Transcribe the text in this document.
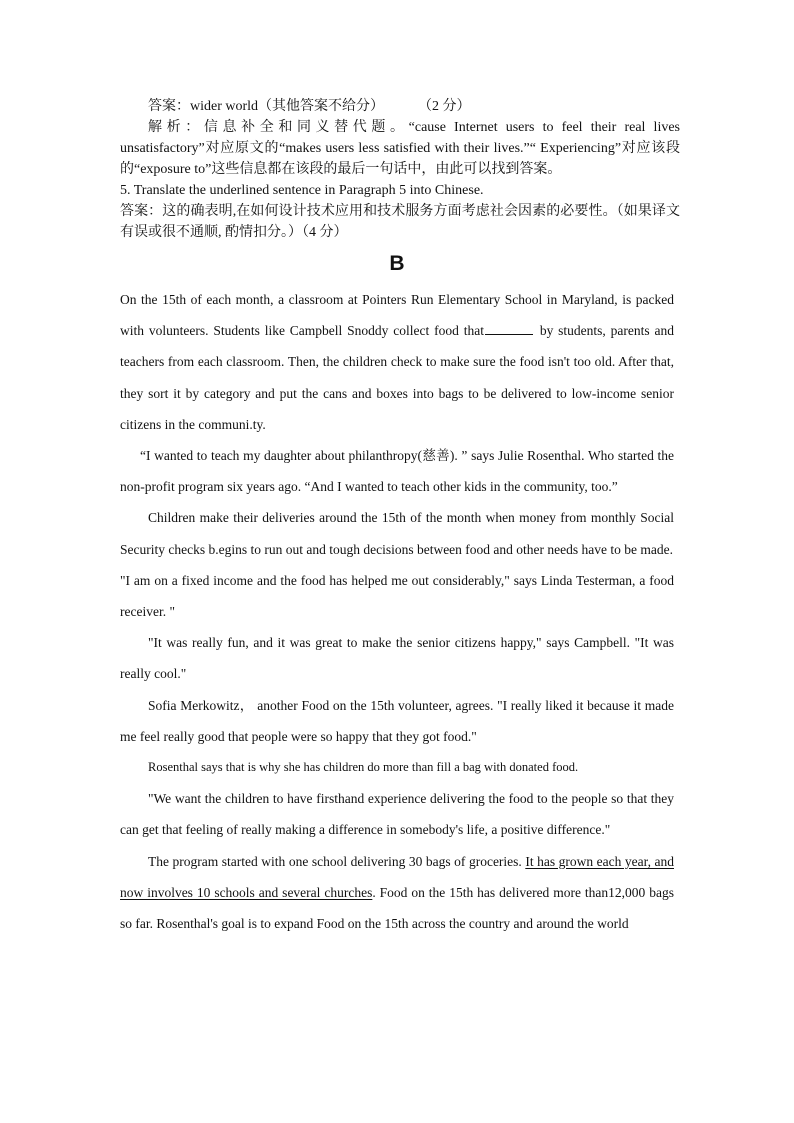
答案：wider world（其他答案不给分） （2 分）

解析：信息补全和同义替代题。“cause Internet users to feel their real lives unsatisfactory”对应原文的“makes users less satisfied with their lives.”“ Experiencing”对应该段的“exposure to”这些信息都在该段的最后一句话中，由此可以找到答案。

5. Translate the underlined sentence in Paragraph 5 into Chinese.

答案：这的确表明,在如何设计技术应用和技术服务方面考虑社会因素的必要性。（如果译文有误或很不通顺, 酌情扣分。）（4 分）

B

On the 15th of each month, a classroom at Pointers Run Elementary School in Maryland, is packed with volunteers. Students like Campbell Snoddy collect food that	by students, parents and teachers from each classroom. Then, the children check to make sure the food isn't too old. After that, they sort it by category and put the cans and boxes into bags to be delivered to low-income senior citizens in the communi.ty.

“I wanted to teach my daughter about philanthropy(慈善). ” says Julie Rosenthal. Who started the non-profit program six years ago. “And I wanted to teach other kids in the community, too.”

Children make their deliveries around the 15th of the month when money from monthly Social Security checks b.egins to run out and tough decisions between food and other needs have to be made.

"I am on a fixed income and the food has helped me out considerably," says Linda Testerman, a food receiver. "

"It was really fun, and it was great to make the senior citizens happy," says Campbell. "It was really cool."

Sofia Merkowitz， another Food on the 15th volunteer, agrees. "I really liked it because it made me feel really good that people were so happy that they got food."

Rosenthal says that is why she has children do more than fill a bag with donated food.

"We want the children to have firsthand experience delivering the food to the people so that they can get that feeling of really making a difference in somebody's life, a positive difference."

The program started with one school delivering 30 bags of groceries. It has grown each year, and now involves 10 schools and several churches. Food on the 15th has delivered more than12,000 bags so far. Rosenthal's goal is to expand Food on the 15th across the country and around the world
